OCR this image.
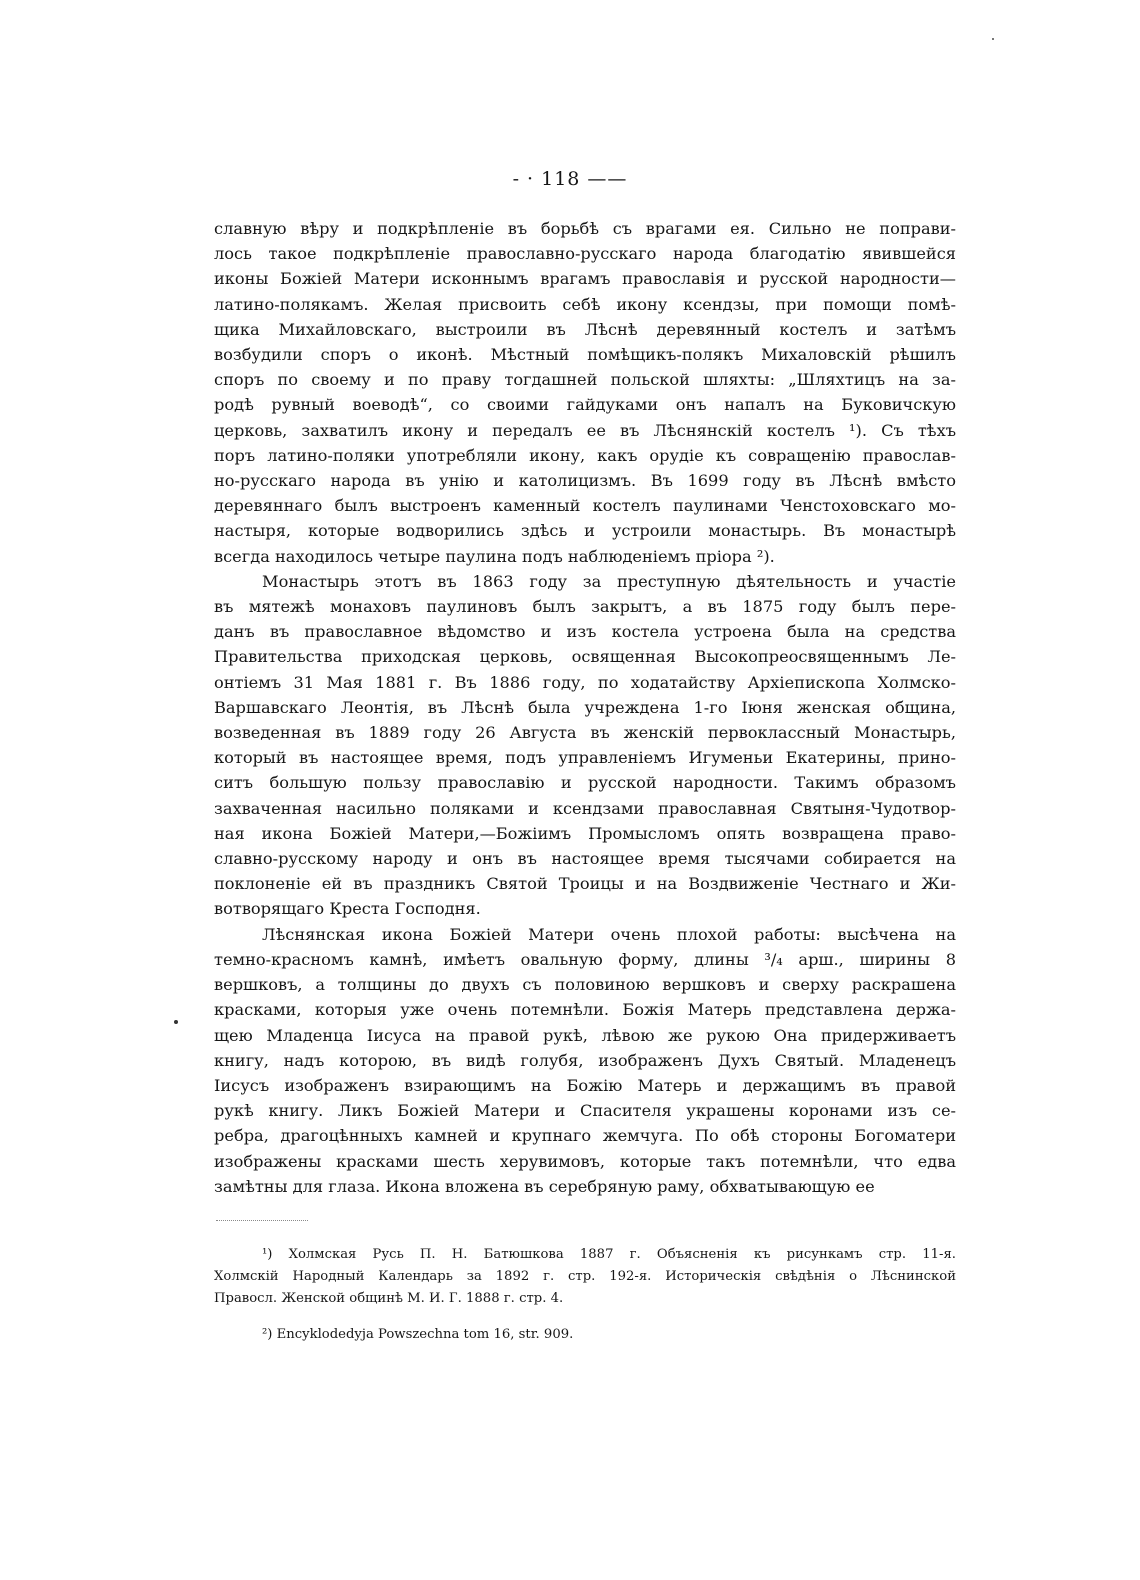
- · 118 ——

славную вѣру и подкрѣпленіе въ борьбѣ съ врагами ея. Сильно не поправи-
лось такое подкрѣпленіе православно-русскаго народа благодатію явившейся
иконы Божіей Матери исконнымъ врагамъ православія и русской народности—
латино-полякамъ. Желая присвоить себѣ икону ксендзы, при помощи помѣ-
щика Михайловскаго, выстроили въ Лѣснѣ деревянный костелъ и затѣмъ
возбудили споръ о иконѣ. Мѣстный помѣщикъ-полякъ Михаловскій рѣшилъ
споръ по своему и по праву тогдашней польской шляхты: „Шляхтицъ на за-
родѣ рувный воеводѣ“, со своими гайдуками онъ напалъ на Буковичскую
церковь, захватилъ икону и передалъ ее въ Лѣснянскій костелъ ¹). Съ тѣхъ
поръ латино-поляки употребляли икону, какъ орудіе къ совращенію православ-
но-русскаго народа въ унію и католицизмъ. Въ 1699 году въ Лѣснѣ вмѣсто
деревяннаго былъ выстроенъ каменный костелъ паулинами Ченстоховскаго мо-
настыря, которые водворились здѣсь и устроили монастырь. Въ монастырѣ
всегда находилось четыре паулина подъ наблюденіемъ пріора ²).

Монастырь этотъ въ 1863 году за преступную дѣятельность и участіе
въ мятежѣ монаховъ паулиновъ былъ закрытъ, а въ 1875 году былъ пере-
данъ въ православное вѣдомство и изъ костела устроена была на средства
Правительства приходская церковь, освященная Высокопреосвященнымъ Ле-
онтіемъ 31 Мая 1881 г. Въ 1886 году, по ходатайству Архіепископа Холмско-
Варшавскаго Леонтія, въ Лѣснѣ была учреждена 1-го Іюня женская община,
возведенная въ 1889 году 26 Августа въ женскій первоклассный Монастырь,
который въ настоящее время, подъ управленіемъ Игуменьи Екатерины, прино-
ситъ большую пользу православію и русской народности. Такимъ образомъ
захваченная насильно поляками и ксендзами православная Святыня-Чудотвор-
ная икона Божіей Матери,—Божіимъ Промысломъ опять возвращена право-
славно-русскому народу и онъ въ настоящее время тысячами собирается на
поклоненіе ей въ праздникъ Святой Троицы и на Воздвиженіе Честнаго и Жи-
вотворящаго Креста Господня.

Лѣснянская икона Божіей Матери очень плохой работы: высѣчена на
темно-красномъ камнѣ, имѣетъ овальную форму, длины ³/₄ арш., ширины 8
вершковъ, а толщины до двухъ съ половиною вершковъ и сверху раскрашена
красками, которыя уже очень потемнѣли. Божія Матерь представлена держа-
щею Младенца Іисуса на правой рукѣ, лѣвою же рукою Она придерживаетъ
книгу, надъ которою, въ видѣ голубя, изображенъ Духъ Святый. Младенецъ
Іисусъ изображенъ взирающимъ на Божію Матерь и держащимъ въ правой
рукѣ книгу. Ликъ Божіей Матери и Спасителя украшены коронами изъ се-
ребра, драгоцѣнныхъ камней и крупнаго жемчуга. По обѣ стороны Богоматери
изображены красками шесть херувимовъ, которые такъ потемнѣли, что едва
замѣтны для глаза. Икона вложена въ серебряную раму, обхватывающую ее

¹) Холмская Русь П. Н. Батюшкова 1887 г. Объясненія къ рисункамъ стр. 11-я.
Холмскій Народный Календарь за 1892 г. стр. 192-я. Историческія свѣдѣнія о Лѣснинской
Правосл. Женской общинѣ М. И. Г. 1888 г. стр. 4.

²) Encyklodedyja Powszechna tom 16, str. 909.
